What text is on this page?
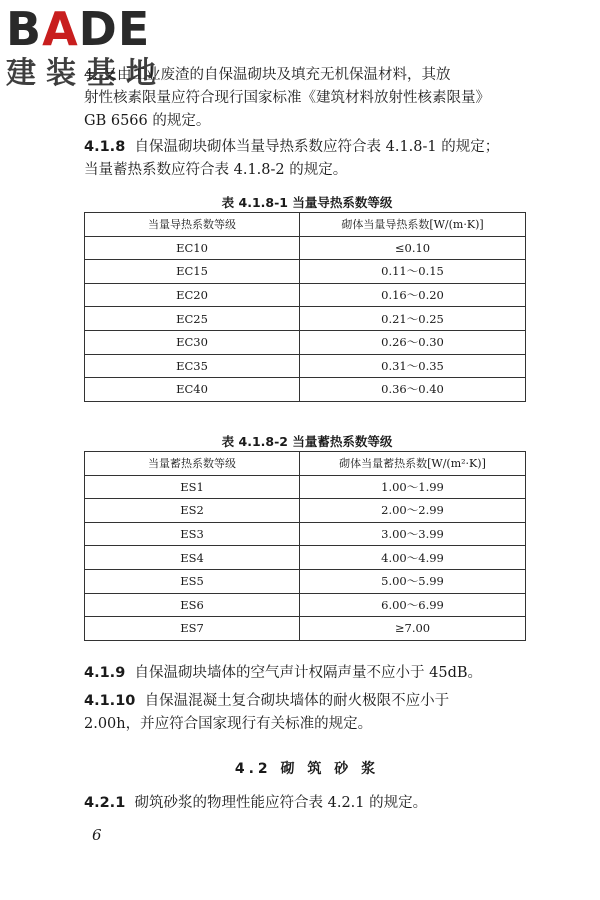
BADE
建装基地
4. 又由工业废渣的自保温砌块及填充无机保温材料，其放
射性核素限量应符合现行国家标准《建筑材料放射性核素限量》
GB 6566 的规定。
4.1.8 自保温砌块砌体当量导热系数应符合表 4.1.8-1 的规定；
当量蓄热系数应符合表 4.1.8-2 的规定。
表 4.1.8-1 当量导热系数等级
当量导热系数等级	砌体当量导热系数[W/(m·K)]
EC10	≤0.10
EC15	0.11～0.15
EC20	0.16～0.20
EC25	0.21～0.25
EC30	0.26～0.30
EC35	0.31～0.35
EC40	0.36～0.40
表 4.1.8-2 当量蓄热系数等级
当量蓄热系数等级	砌体当量蓄热系数[W/(m²·K)]
ES1	1.00～1.99
ES2	2.00～2.99
ES3	3.00～3.99
ES4	4.00～4.99
ES5	5.00～5.99
ES6	6.00～6.99
ES7	≥7.00
4.1.9 自保温砌块墙体的空气声计权隔声量不应小于 45dB。
4.1.10 自保温混凝土复合砌块墙体的耐火极限不应小于
2.00h，并应符合国家现行有关标准的规定。
4.2 砌 筑 砂 浆
4.2.1 砌筑砂浆的物理性能应符合表 4.2.1 的规定。
6
